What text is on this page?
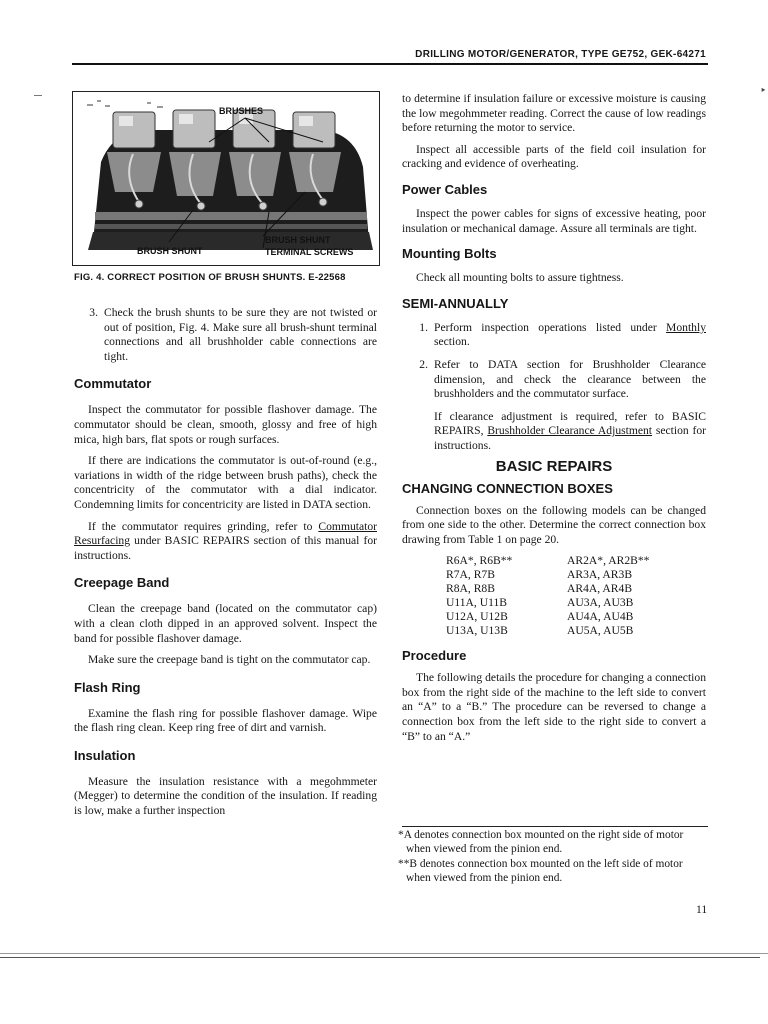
‣
DRILLING MOTOR/GENERATOR, TYPE GE752, GEK-64271
BRUSHES
BRUSH SHUNT
BRUSH SHUNT	TERMINAL SCREWS
FIG. 4. CORRECT POSITION OF BRUSH SHUNTS. E-22568
3. Check the brush shunts to be sure they are not twisted or out of position, Fig. 4. Make sure all brush-shunt terminal connections and all brushholder cable connections are tight.
Commutator

Inspect the commutator for possible flashover damage. The commutator should be clean, smooth, glossy and free of high mica, high bars, flat spots or rough surfaces.

If there are indications the commutator is out-of-round (e.g., variations in width of the ridge between brush paths), check the concentricity of the commutator with a dial indicator. Condemning limits for concentricity are listed in DATA section.

If the commutator requires grinding, refer to Commutator Resurfacing under BASIC REPAIRS section of this manual for instructions.

Creepage Band

Clean the creepage band (located on the commutator cap) with a clean cloth dipped in an approved solvent. Inspect the band for possible flashover damage.

Make sure the creepage band is tight on the commutator cap.

Flash Ring

Examine the flash ring for possible flashover damage. Wipe the flash ring clean. Keep ring free of dirt and varnish.

Insulation

Measure the insulation resistance with a megohmmeter (Megger) to determine the condition of the insulation. If reading is low, make a further inspection

to determine if insulation failure or excessive moisture is causing the low megohmmeter reading. Correct the cause of low readings before returning the motor to service.

Inspect all accessible parts of the field coil insulation for cracking and evidence of overheating.

Power Cables

Inspect the power cables for signs of excessive heating, poor insulation or mechanical damage. Assure all terminals are tight.

Mounting Bolts

Check all mounting bolts to assure tightness.

SEMI-ANNUALLY
1. Perform inspection operations listed under Monthly section.
2. Refer to DATA section for Brushholder Clearance dimension, and check the clearance between the brushholders and the commutator surface.

If clearance adjustment is required, refer to BASIC REPAIRS, Brushholder Clearance Adjustment section for instructions.

BASIC REPAIRS
CHANGING CONNECTION BOXES

Connection boxes on the following models can be changed from one side to the other. Determine the correct connection box drawing from Table 1 on page 20.

R6A*, R6B**	AR2A*, AR2B**
R7A, R7B	AR3A, AR3B
R8A, R8B	AR4A, AR4B
U11A, U11B	AU3A, AU3B
U12A, U12B	AU4A, AU4B
U13A, U13B	AU5A, AU5B
Procedure

The following details the procedure for changing a connection box from the right side of the machine to the left side to convert an “A” to a “B.” The procedure can be reversed to change a connection box from the left side to the right side to convert a “B” to an “A.”

*A denotes connection box mounted on the right side of motor when viewed from the pinion end.

**B denotes connection box mounted on the left side of motor when viewed from the pinion end.

11
